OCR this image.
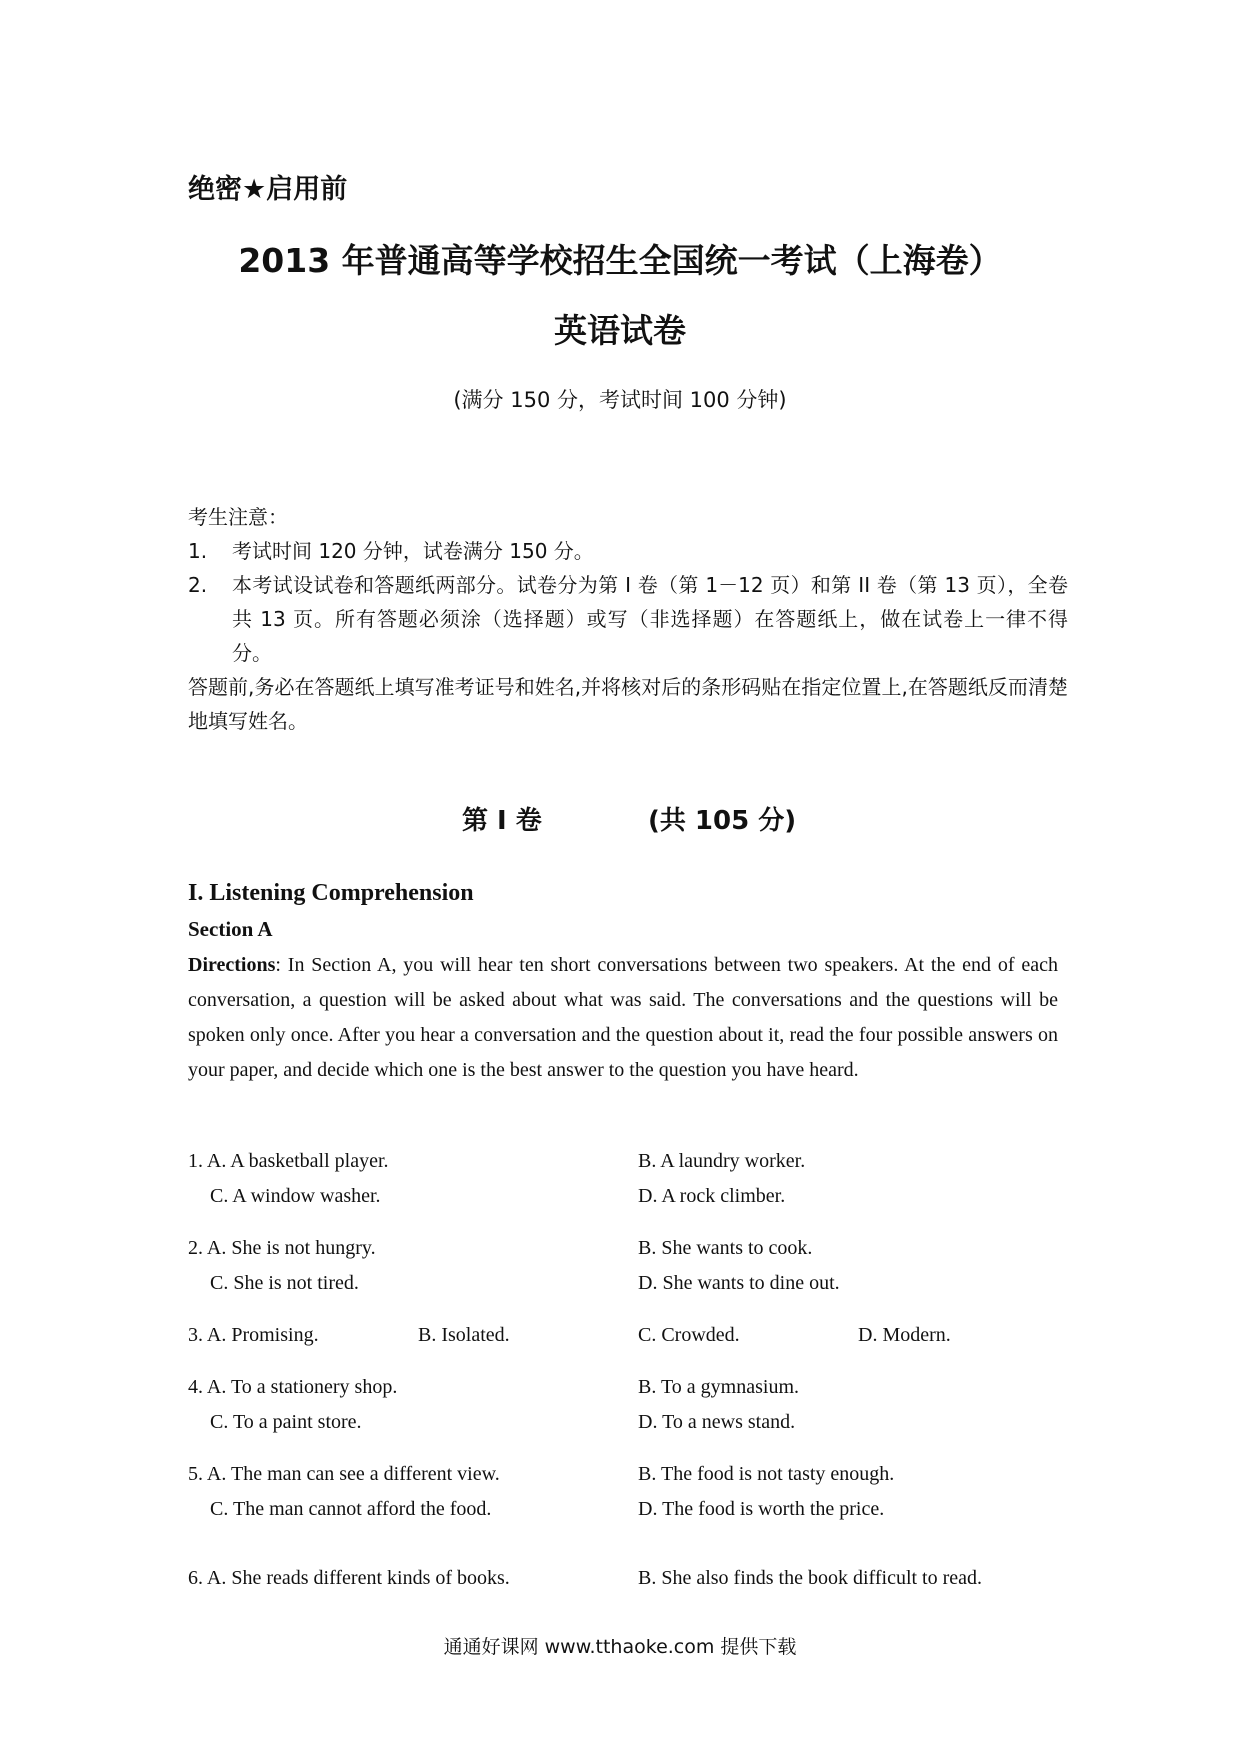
绝密★启用前
2013 年普通高等学校招生全国统一考试（上海卷）
英语试卷
(满分 150 分，考试时间 100 分钟)
考生注意：
1.	考试时间 120 分钟，试卷满分 150 分。
2.	本考试设试卷和答题纸两部分。试卷分为第 I 卷（第 1－12 页）和第 II 卷（第 13 页），全卷共 13 页。所有答题必须涂（选择题）或写（非选择题）在答题纸上，做在试卷上一律不得分。
答题前,务必在答题纸上填写准考证号和姓名,并将核对后的条形码贴在指定位置上,在答题纸反而清楚地填写姓名。
第 I 卷	(共 105 分)
I. Listening Comprehension
Section A
Directions: In Section A, you will hear ten short conversations between two speakers. At the end of each conversation, a question will be asked about what was said. The conversations and the questions will be spoken only once. After you hear a conversation and the question about it, read the four possible answers on your paper, and decide which one is the best answer to the question you have heard.
1. A. A basketball player.	B. A laundry worker.
C. A window washer.	D. A rock climber.
2. A. She is not hungry.	B. She wants to cook.
C. She is not tired.	D. She wants to dine out.
3. A. Promising.	B. Isolated.	C. Crowded.	D. Modern.
4. A. To a stationery shop.	B. To a gymnasium.
C. To a paint store.	D. To a news stand.
5. A. The man can see a different view.	B. The food is not tasty enough.
C. The man cannot afford the food.	D. The food is worth the price.
6. A. She reads different kinds of books.	B. She also finds the book difficult to read.
通通好课网 www.tthaoke.com 提供下载
